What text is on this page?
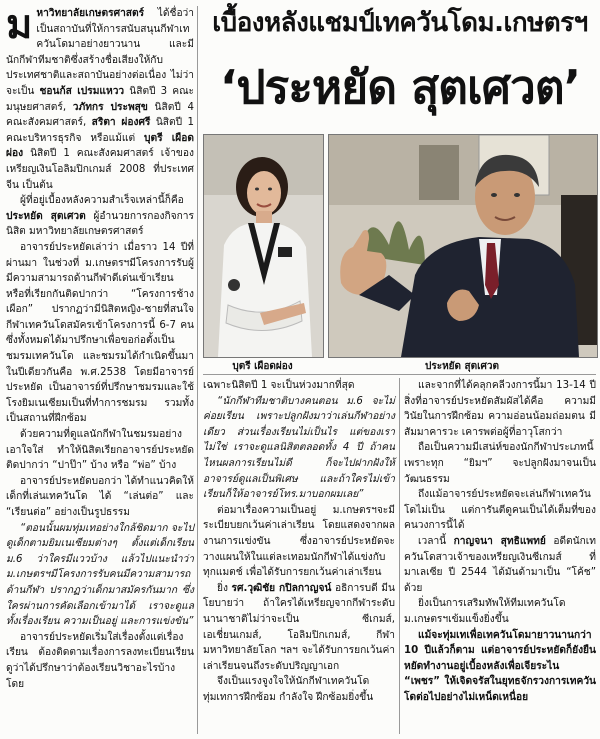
มหาวิทยาลัยเกษตรศาสตร์ ได้ชื่อว่าเป็นสถาบันที่ให้การสนับสนุนกีฬาเทควันโดมาอย่างยาวนาน และมีนักกีฬาทีมชาติซึ่งสร้างชื่อเสียงให้กับประเทศชาติและสถาบันอย่างต่อเนื่อง ไม่ว่าจะเป็น ชอนก้ส เปรมแหวว นิสิตปี 3 คณะมนุษยศาสตร์, วภัทกร ประพสุข นิสิตปี 4 คณะสังคมศาสตร์, สริตา ผ่องศรี นิสิตปี 1 คณะบริหารธุรกิจ หรือแม้แต่ บุตรี เผือดผ่อง นิสิตปี 1 คณะสังคมศาสตร์ เจ้าของเหรียญเงินโอลิมปิกเกมส์ 2008 ที่ประเทศจีน เป็นต้น

ผู้ที่อยู่เบื้องหลังความสำเร็จเหล่านี้ก็คือ ประหยัด สุตเศวต ผู้อำนวยการกองกิจการนิสิต มหาวิทยาลัยเกษตรศาสตร์

อาจารย์ประหยัดเล่าว่า เมื่อราว 14 ปีที่ผ่านมา ในช่วงที่ ม.เกษตรฯมีโครงการรับผู้มีความสามารถด้านกีฬาดีเด่นเข้าเรียน หรือที่เรียกกันติดปากว่า “โครงการช้างเผือก” ปรากฏว่ามีนิสิตหญิง-ชายที่สนใจกีฬาเทควันโดสมัครเข้าโครงการนี้ 6-7 คน ซึ่งทั้งหมดได้มาปรึกษาเพื่อขอก่อตั้งเป็นชมรมเทควันโด และชมรมได้กำเนิดขึ้นมาในปีเดียวกันคือ พ.ศ.2538 โดยมีอาจารย์ประหยัด เป็นอาจารย์ที่ปรึกษาชมรมและใช้โรงยิมเนเซียมเป็นที่ทำการชมรม รวมทั้งเป็นสถานที่ฝึกซ้อม

ด้วยความที่ดูแลนักกีฬาในชมรมอย่างเอาใจใส่ ทำให้นิสิตเรียกอาจารย์ประหยัดติดปากว่า “ปาป๊า” บ้าง หรือ “พ่อ” บ้าง

อาจารย์ประหยัดบอกว่า ได้ทำแนวคิดให้เด็กที่เล่นเทควันโด ได้ “เล่นต่อ” และ “เรียนต่อ” อย่างเป็นรูปธรรม

“ตอนนั้นผมทุ่มเทอย่างใกล้ชิดมาก จะไปดูเด็กตามยิมเนเซียมต่างๆ ตั้งแต่เด็กเรียน ม.6 ว่าใครมีแววบ้าง แล้วไปแนะนำว่า ม.เกษตรฯมีโครงการรับคนมีความสามารถด้านกีฬา ปรากฏว่าเด็กมาสมัครกันมาก ซึ่งใครผ่านการคัดเลือกเข้ามาได้ เราจะดูแลทั้งเรื่องเรียน ความเป็นอยู่ และการแข่งขัน”

อาจารย์ประหยัดเริ่มใส่เรื่องตั้งแต่เรื่องเรียน ต้องติดตามเรื่องการลงทะเบียนเรียน ดูว่าได้ปรึกษาว่าต้องเรียนวิชาอะไรบ้าง โดย

เบื้องหลังแชมป์เทควันโดม.เกษตรฯ
‘ประหยัด สุตเศวต’
บุตรี เผือดผ่อง	ประหยัด สุตเศวต

เฉพาะนิสิตปี 1 จะเป็นห่วงมากที่สุด

“นักกีฬาทีมชาติบางคนตอน ม.6 จะไม่ค่อยเรียน เพราะปลูกฝังมาว่าเล่นกีฬาอย่างเดียว ส่วนเรื่องเรียนไม่เป็นไร แต่ของเราไม่ใช่ เราจะดูแลนิสิตตลอดทั้ง 4 ปี ถ้าคนไหนผลการเรียนไม่ดี ก็จะไปฝากฝังให้อาจารย์ดูแลเป็นพิเศษ และถ้าใครไม่เข้าเรียนก็ให้อาจารย์โทร.มาบอกผมเลย”

ต่อมาเรื่องความเป็นอยู่ ม.เกษตรฯจะมีระเบียบยกเว้นค่าเล่าเรียน โดยแสดงจากผลงานการแข่งขัน ซึ่งอาจารย์ประหยัดจะวางแผนให้ในแต่ละเทอมนักกีฬาได้แข่งกับทุกแมตช์ เพื่อได้รับการยกเว้นค่าเล่าเรียน

ยิ่ง รศ.วุฒิชัย กปิลกาญจน์ อธิการบดี มีนโยบายว่า ถ้าใครได้เหรียญจากกีฬาระดับนานาชาติไม่ว่าจะเป็น ซีเกมส์, เอเชี่ยนเกมส์, โอลิมปิกเกมส์, กีฬามหาวิทยาลัยโลก ฯลฯ จะได้รับการยกเว้นค่าเล่าเรียนจนถึงระดับปริญญาเอก

จึงเป็นแรงจูงใจให้นักกีฬาเทควันโด ทุ่มเทการฝึกซ้อม กำลังใจ ฝึกซ้อมยิ่งขึ้น

และจากที่ได้คลุกคลีวงการนี้มา 13-14 ปี สิ่งที่อาจารย์ประหยัดสัมผัสได้คือ ความมีวินัยในการฝึกซ้อม ความอ่อนน้อมถ่อมตน มีสัมมาคารวะ เคารพต่อผู้ที่อาวุโสกว่า

ถือเป็นความมีเสน่ห์ของนักกีฬาประเภทนี้ เพราะทุก “ยิมฯ” จะปลูกฝังมาจนเป็นวัฒนธรรม

ถึงแม้อาจารย์ประหยัดจะเล่นกีฬาเทควันโดไม่เป็น แต่การันตีดูคนเป็นได้เต็มที่ของคนวงการนี้ได้

เวลานี้ กาญจนา สุทธิแพทย์ อดีตนักเทควันโดสาวเจ้าของเหรียญเงินซีเกมส์ ที่มาเลเซีย ปี 2544 ได้มันด้ามาเป็น “โค้ช” ด้วย

ยิ่งเป็นการเสริมทัพให้ทีมเทควันโด ม.เกษตรฯเข้มแข็งยิ่งขึ้น

แม้จะทุ่มเทเพื่อเทควันโดมายาวนานกว่า 10 ปีแล้วก็ตาม แต่อาจารย์ประหยัดก็ยังยืนหยัดทำงานอยู่เบื้องหลังเพื่อเจียระไน “เพชร” ให้เจิดจรัสในยุทธจักรวงการเทควันโดต่อไปอย่างไม่เหน็ดเหนื่อย
